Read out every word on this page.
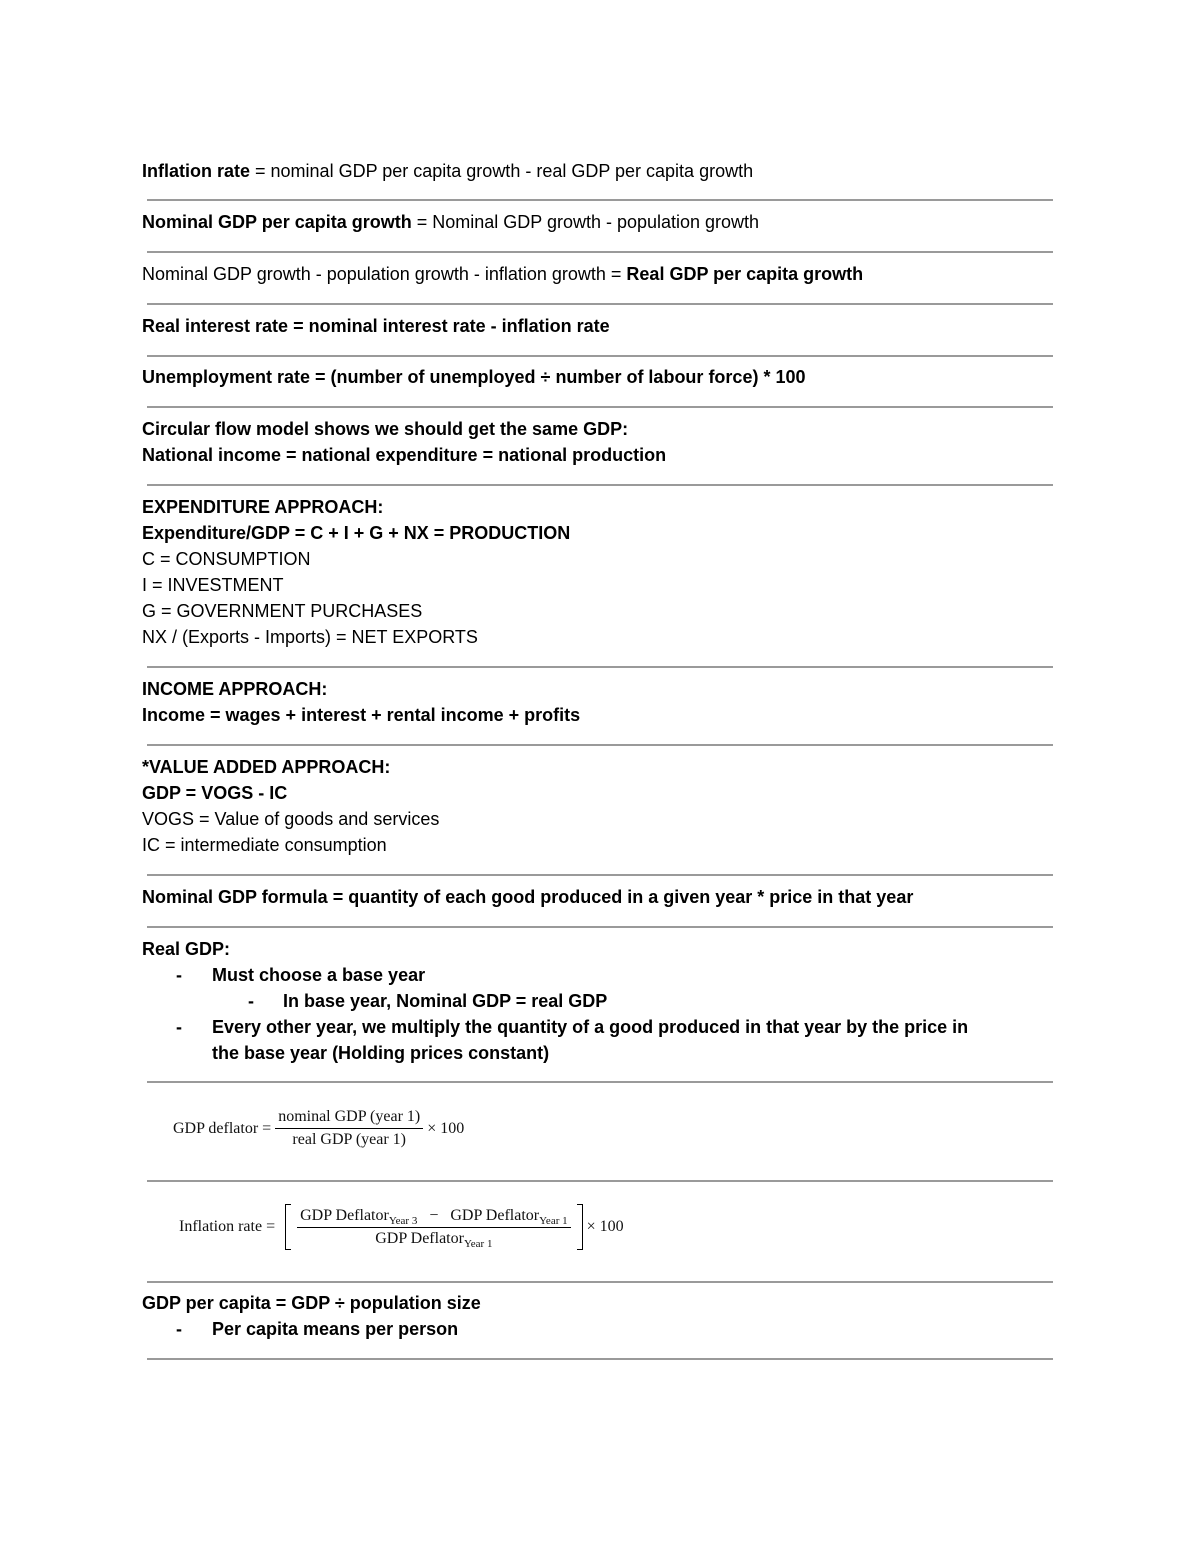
Inflation rate = nominal GDP per capita growth - real GDP per capita growth
Nominal GDP per capita growth = Nominal GDP growth - population growth
Nominal GDP growth - population growth - inflation growth = Real GDP per capita growth
Real interest rate = nominal interest rate - inflation rate
Unemployment rate = (number of unemployed ÷ number of labour force) * 100
Circular flow model shows we should get the same GDP:
National income = national expenditure = national production
EXPENDITURE APPROACH:
Expenditure/GDP = C + I + G + NX = PRODUCTION
C = CONSUMPTION
I = INVESTMENT
G = GOVERNMENT PURCHASES
NX / (Exports - Imports) = NET EXPORTS
INCOME APPROACH:
Income = wages + interest + rental income + profits
*VALUE ADDED APPROACH:
GDP = VOGS - IC
VOGS = Value of goods and services
IC = intermediate consumption
Nominal GDP formula = quantity of each good produced in a given year * price in that year
Real GDP:
- Must choose a base year
- In base year, Nominal GDP = real GDP
- Every other year, we multiply the quantity of a good produced in that year by the price in
the base year (Holding prices constant)
GDP deflator = $\frac{\text{nominal GDP (year 1)}}{\text{real GDP (year 1)}} \times 100$
Inflation rate = $\frac{GDP Deflator_{Year 3} - GDP Deflator_{Year 1}}{GDP Deflator_{Year 1}} \times 100$
GDP per capita = GDP ÷ population size
- Per capita means per person
